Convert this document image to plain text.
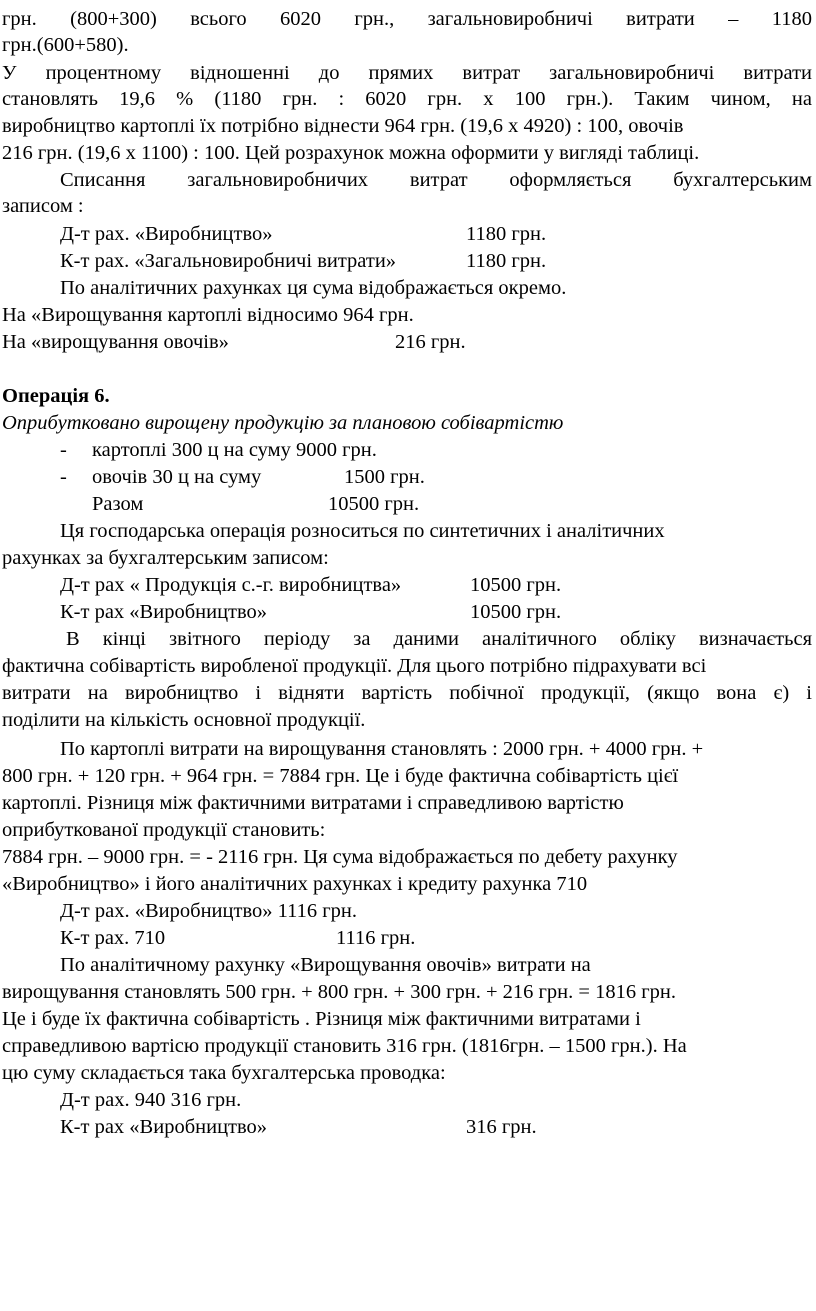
грн. (800+300) всього 6020 грн., загальновиробничі витрати – 1180
грн.(600+580).
У процентному відношенні до прямих витрат загальновиробничі витрати
становлять 19,6 % (1180 грн. : 6020 грн. х 100 грн.). Таким чином, на
виробництво картоплі їх потрібно віднести 964 грн. (19,6 х 4920) : 100, овочів
216 грн. (19,6 х 1100) : 100. Цей розрахунок можна оформити у вигляді таблиці.
Списання загальновиробничих витрат оформляється бухгалтерським
записом :
Д-т рах. «Виробництво»	1180 грн.
К-т рах. «Загальновиробничі витрати»	1180 грн.
По аналітичних рахунках ця сума відображається окремо.
На «Вирощування картоплі відносимо 964 грн.
На «вирощування овочів»	216 грн.
Операція 6.
Оприбутковано вирощену продукцію за плановою собівартістю
- картоплі 300 ц на суму 9000 грн.
- овочів 30 ц на суму	1500 грн.
Разом	10500 грн.
Ця господарська операція розноситься по синтетичних і аналітичних
рахунках за бухгалтерським записом:
Д-т рах « Продукція с.-г. виробництва»	10500 грн.
К-т рах «Виробництво»	10500 грн.
В кінці звітного періоду за даними аналітичного обліку визначається
фактична собівартість виробленої продукції. Для цього потрібно підрахувати всі
витрати на виробництво і відняти вартість побічної продукції, (якщо вона є) і
поділити на кількість основної продукції.
По картоплі витрати на вирощування становлять : 2000 грн. + 4000 грн. +
800 грн. + 120 грн. + 964 грн. = 7884 грн. Це і буде фактична собівартість цієї
картоплі. Різниця між фактичними витратами і справедливою вартістю
оприбуткованої продукції становить:
7884 грн. – 9000 грн. = - 2116 грн. Ця сума відображається по дебету рахунку
«Виробництво» і його аналітичних рахунках і кредиту рахунка 710
Д-т рах. «Виробництво» 1116 грн.
К-т рах. 710	1116 грн.
По аналітичному рахунку «Вирощування овочів» витрати на
вирощування становлять 500 грн. + 800 грн. + 300 грн. + 216 грн. = 1816 грн.
Це і буде їх фактична собівартість . Різниця між фактичними витратами і
справедливою вартісю продукції становить 316 грн. (1816грн. – 1500 грн.). На
цю суму складається така бухгалтерська проводка:
Д-т рах. 940 316 грн.
К-т рах «Виробництво»	316 грн.
